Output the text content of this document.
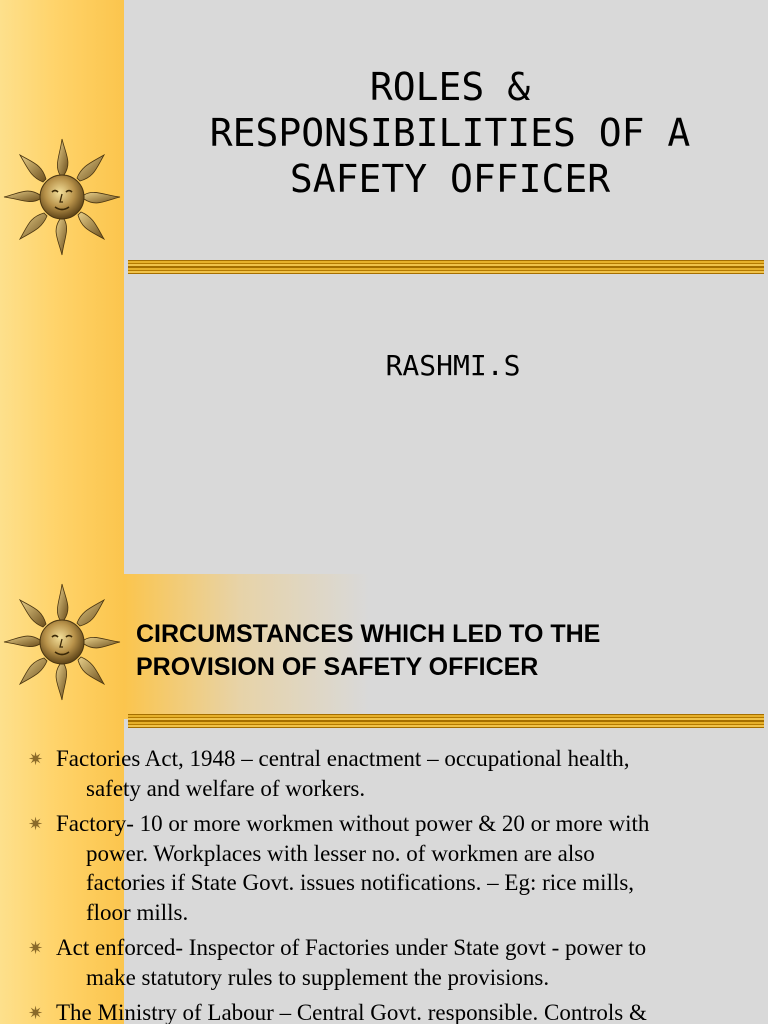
ROLES &
RESPONSIBILITIES OF A
SAFETY OFFICER
RASHMI.S
CIRCUMSTANCES WHICH LED TO THE
PROVISION OF SAFETY OFFICER
✷ Factories Act, 1948 – central enactment – occupational health,
safety and welfare of workers.
✷ Factory- 10 or more workmen without power & 20 or more with
power. Workplaces with lesser no. of workmen are also
factories if State Govt. issues notifications. – Eg: rice mills,
floor mills.
✷ Act enforced- Inspector of Factories under State govt - power to
make statutory rules to supplement the provisions.
✷ The Ministry of Labour – Central Govt. responsible. Controls &
